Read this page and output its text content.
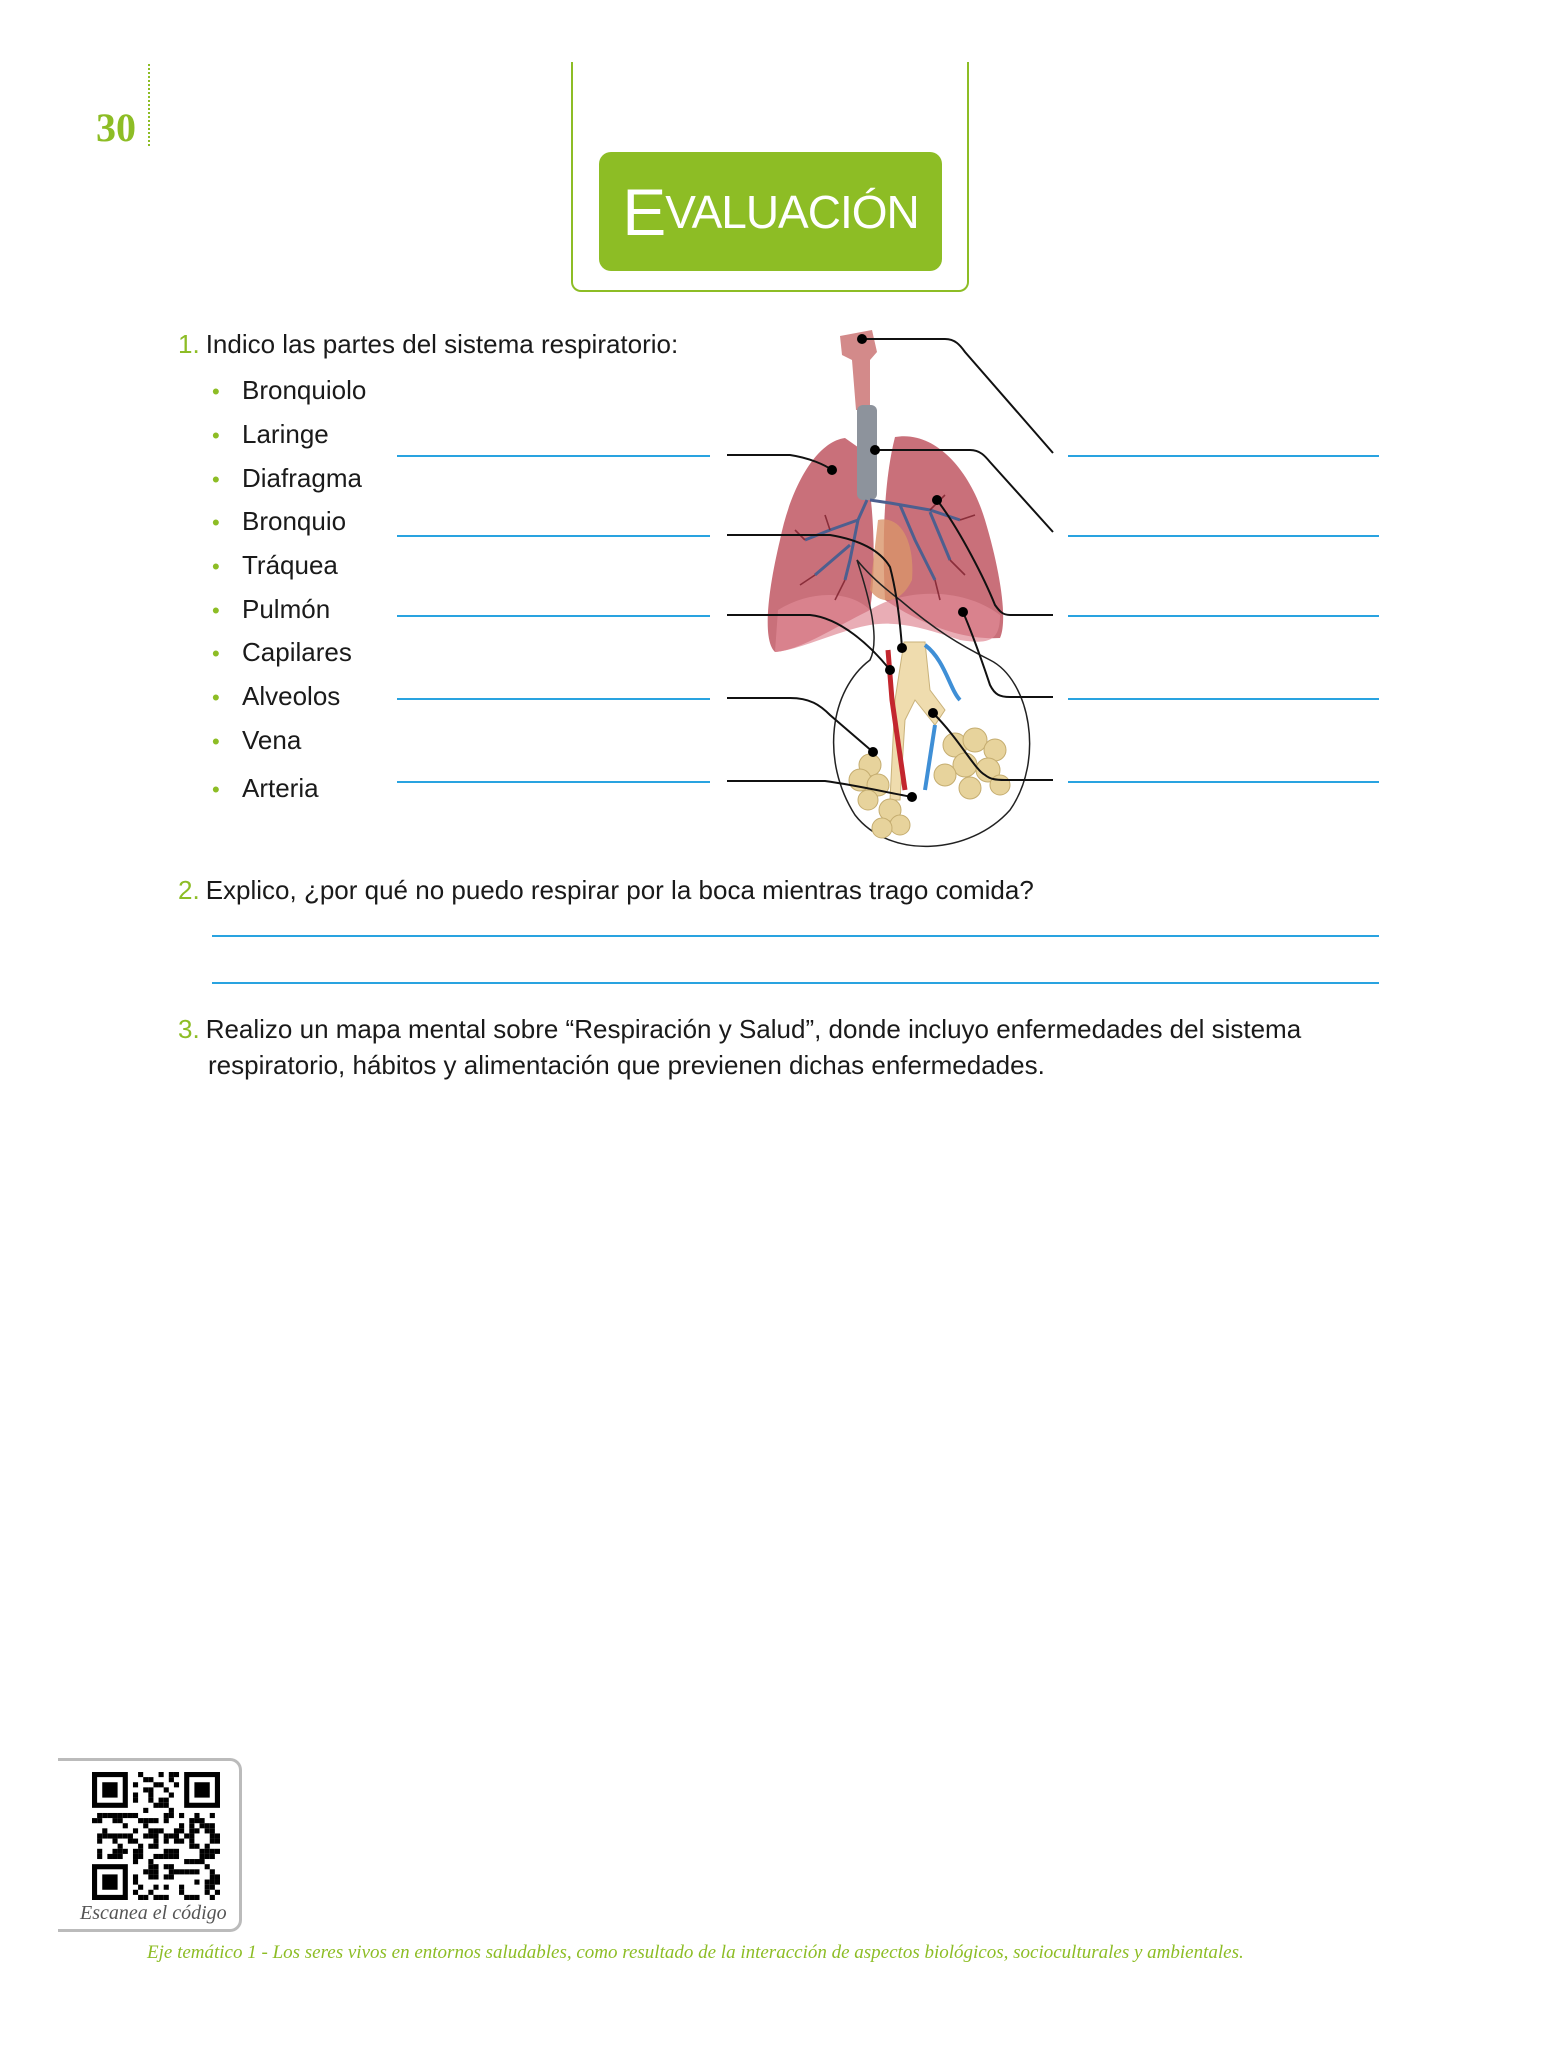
30
E VALUACIÓN
1. Indico las partes del sistema respiratorio:
• Bronquiolo
• Laringe
• Diafragma
• Bronquio
• Tráquea
• Pulmón
• Capilares
• Alveolos
• Vena
• Arteria
2. Explico, ¿por qué no puedo respirar por la boca mientras trago comida?
3. Realizo un mapa mental sobre “Respiración y Salud”, donde incluyo enfermedades del sistema
respiratorio, hábitos y alimentación que previenen dichas enfermedades.
Escanea el código
Eje temático 1 - Los seres vivos en entornos saludables, como resultado de la interacción de aspectos biológicos, socioculturales y ambientales.
